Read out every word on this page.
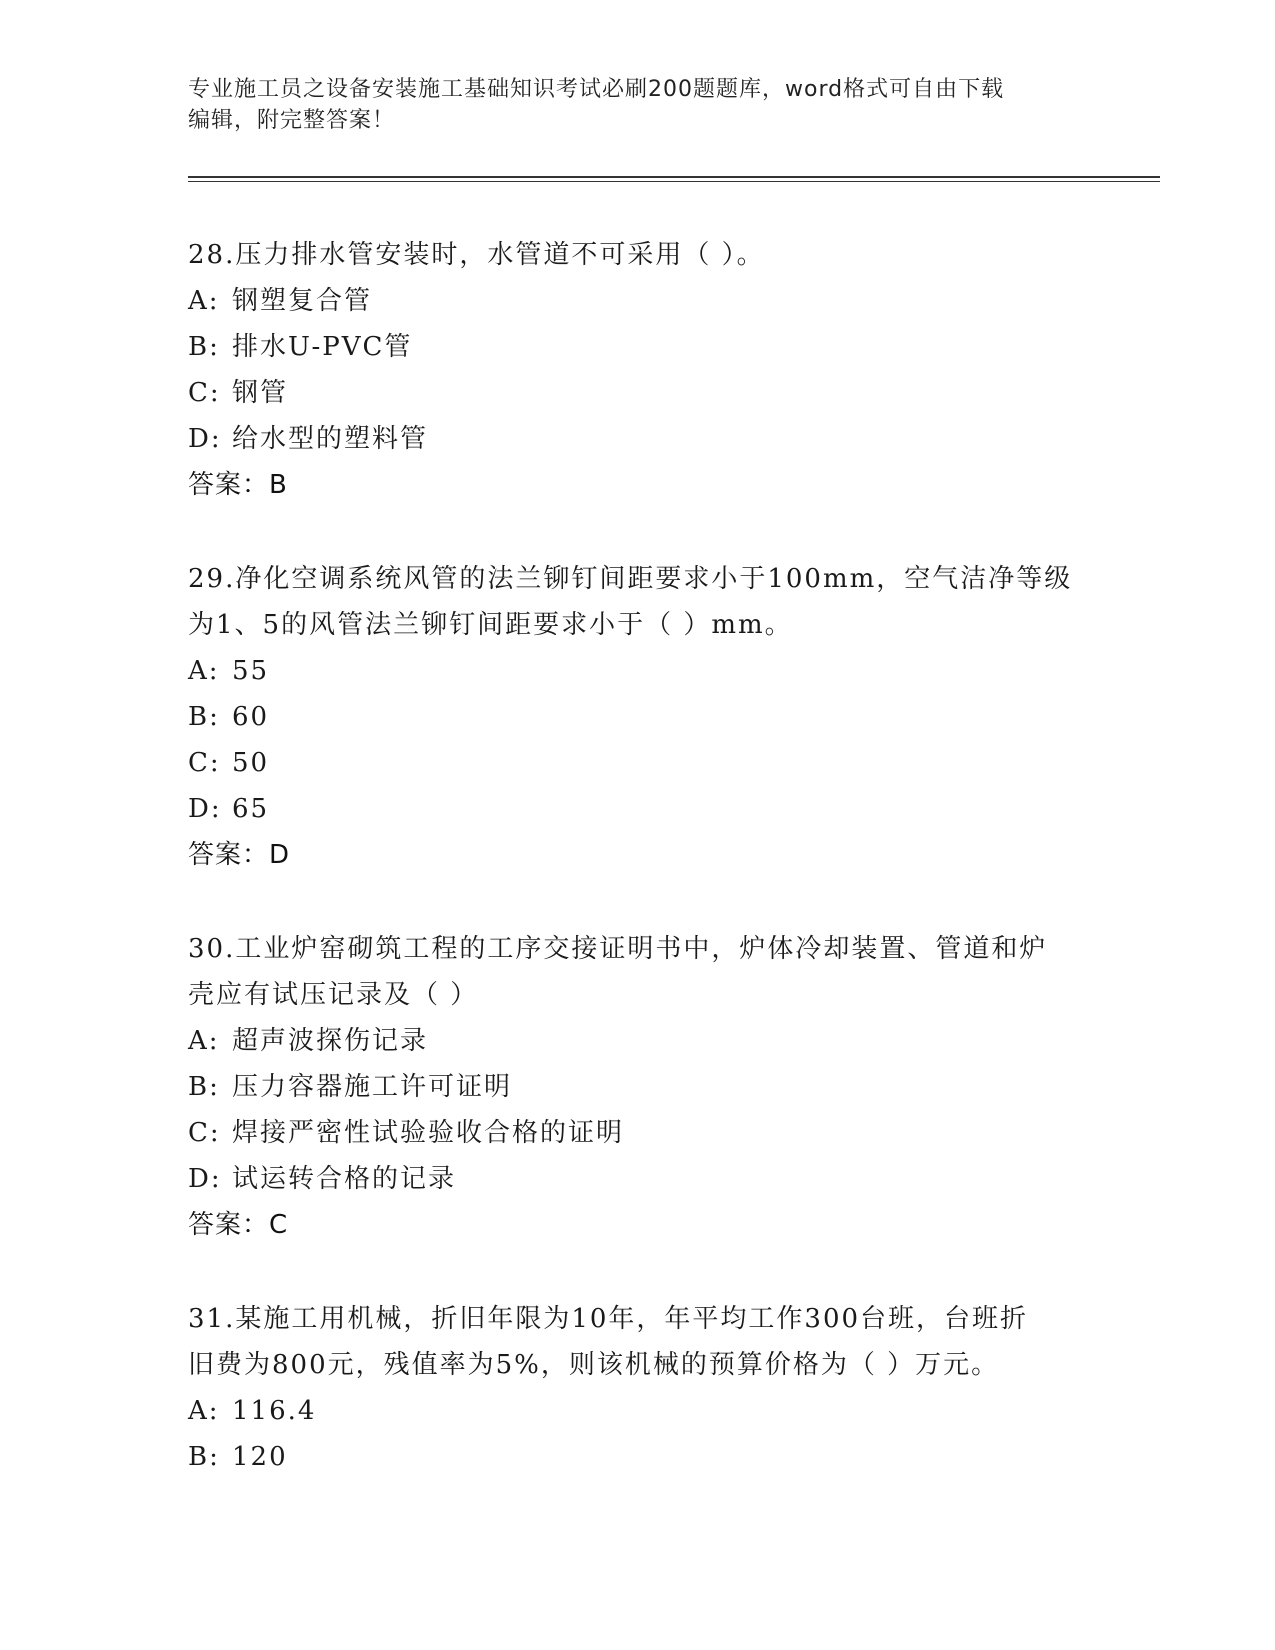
专业施工员之设备安装施工基础知识考试必刷200题题库，word格式可自由下载
编辑，附完整答案！

28.压力排水管安装时，水管道不可采用（ ）。

A: 钢塑复合管

B: 排水U-PVC管

C: 钢管

D: 给水型的塑料管

答案：B

29.净化空调系统风管的法兰铆钉间距要求小于100mm，空气洁净等级

为1、5的风管法兰铆钉间距要求小于（ ）mm。

A: 55

B: 60

C: 50

D: 65

答案：D

30.工业炉窑砌筑工程的工序交接证明书中，炉体冷却装置、管道和炉

壳应有试压记录及（ ）

A: 超声波探伤记录

B: 压力容器施工许可证明

C: 焊接严密性试验验收合格的证明

D: 试运转合格的记录

答案：C

31.某施工用机械，折旧年限为10年，年平均工作300台班，台班折

旧费为800元，残值率为5%，则该机械的预算价格为（ ）万元。

A: 116.4

B: 120
